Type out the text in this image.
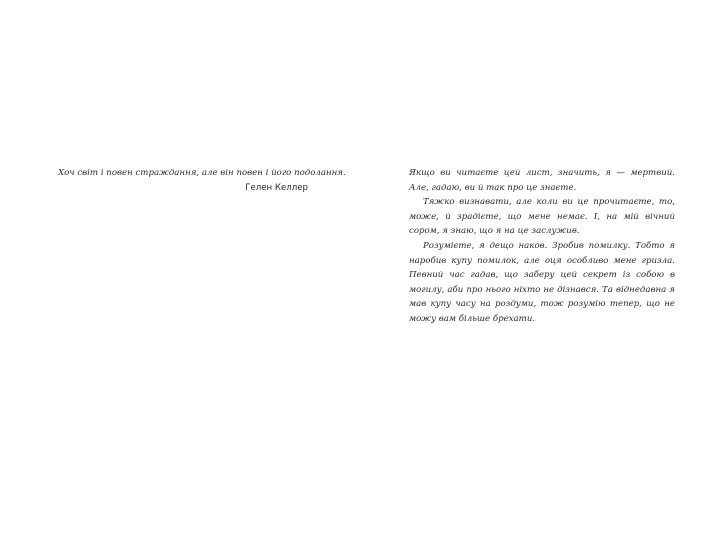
Хоч світ і повен страждання, але він повен і його подолання.

Гелен Келлер

Якщо ви читаєте цей лист, значить, я — мертвий. Але, гадаю, ви й так про це знаєте.

Тяжко визнавати, але коли ви це прочитаєте, то, може, й зрадієте, що мене немає. І, на мій вічний сором, я знаю, що я на це заслужив.

Розумієте, я дещо наков. Зробив помилку. Тобто я наробив купу помилок, але оця особливо мене гризла. Певний час гадав, що заберу цей секрет із собою в могилу, аби про нього ніхто не дізнався. Та віднедавна я мав купу часу на роздуми, тож розумію тепер, що не можу вам більше брехати.
